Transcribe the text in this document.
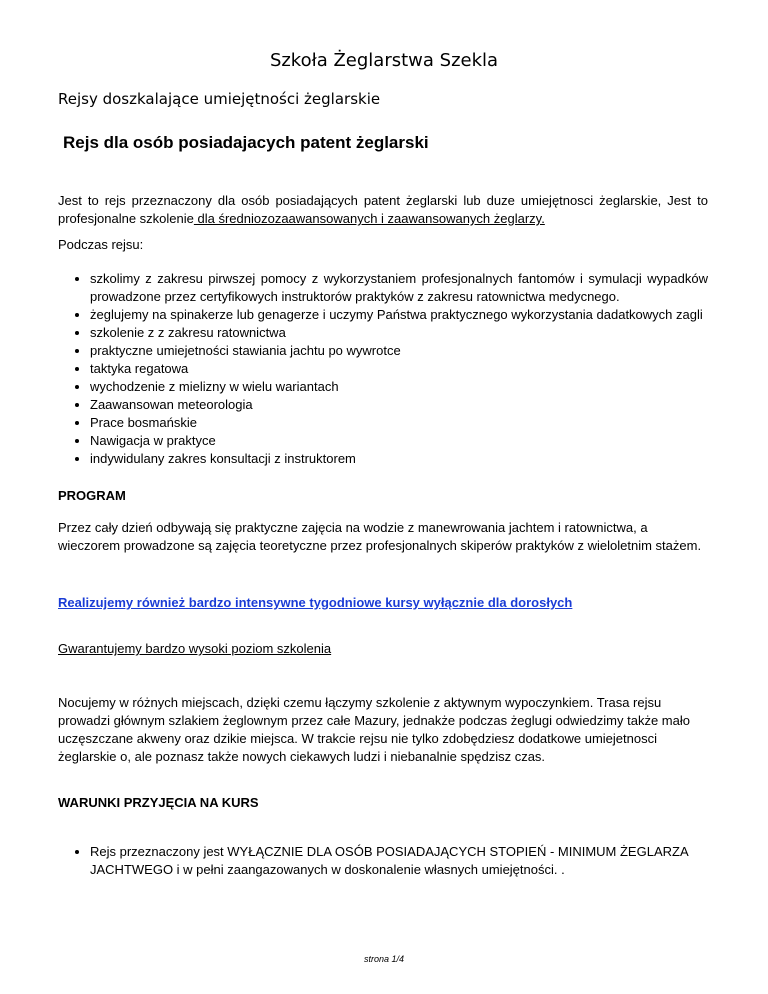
Szkoła Żeglarstwa Szekla
Rejsy doszkalające umiejętności żeglarskie
Rejs dla osób posiadajacych patent żeglarski
Jest to rejs przeznaczony dla osób posiadających patent żeglarski lub duze umiejętnosci żeglarskie, Jest to profesjonalne szkolenie dla średniozozaawansowanych i zaawansowanych żeglarzy.
Podczas rejsu:
• szkolimy z zakresu pirwszej pomocy z wykorzystaniem profesjonalnych fantomów i symulacji wypadków prowadzone przez certyfikowych instruktorów praktyków z zakresu ratownictwa medycnego.
• żeglujemy na spinakerze lub genagerze i uczymy Państwa praktycznego wykorzystania dadatkowych zagli
• szkolenie z z zakresu ratownictwa
• praktyczne umiejetności stawiania jachtu po wywrotce
• taktyka regatowa
• wychodzenie z mielizny w wielu wariantach
• Zaawansowan meteorologia
• Prace bosmańskie
• Nawigacja w praktyce
• indywidulany zakres konsultacji z instruktorem
PROGRAM
Przez cały dzień odbywają się praktyczne zajęcia na wodzie z manewrowania jachtem i ratownictwa, a wieczorem prowadzone są zajęcia teoretyczne przez profesjonalnych skiperów praktyków z wieloletnim stażem.
Realizujemy również bardzo intensywne tygodniowe kursy wyłącznie dla dorosłych
Gwarantujemy bardzo wysoki poziom szkolenia
Nocujemy w różnych miejscach, dzięki czemu łączymy szkolenie z aktywnym wypoczynkiem. Trasa rejsu prowadzi głównym szlakiem żeglownym przez całe Mazury, jednakże podczas żeglugi odwiedzimy także mało uczęszczane akweny oraz dzikie miejsca. W trakcie rejsu nie tylko zdobędziesz dodatkowe umiejetnosci żeglarskie o, ale poznasz także nowych ciekawych ludzi i niebanalnie spędzisz czas.
WARUNKI PRZYJĘCIA NA KURS
• Rejs przeznaczony jest WYŁĄCZNIE DLA OSÓB POSIADAJĄCYCH STOPIEŃ - MINIMUM ŻEGLARZA JACHTWEGO i w pełni zaangazowanych w doskonalenie własnych umiejętności. .
strona 1/4
